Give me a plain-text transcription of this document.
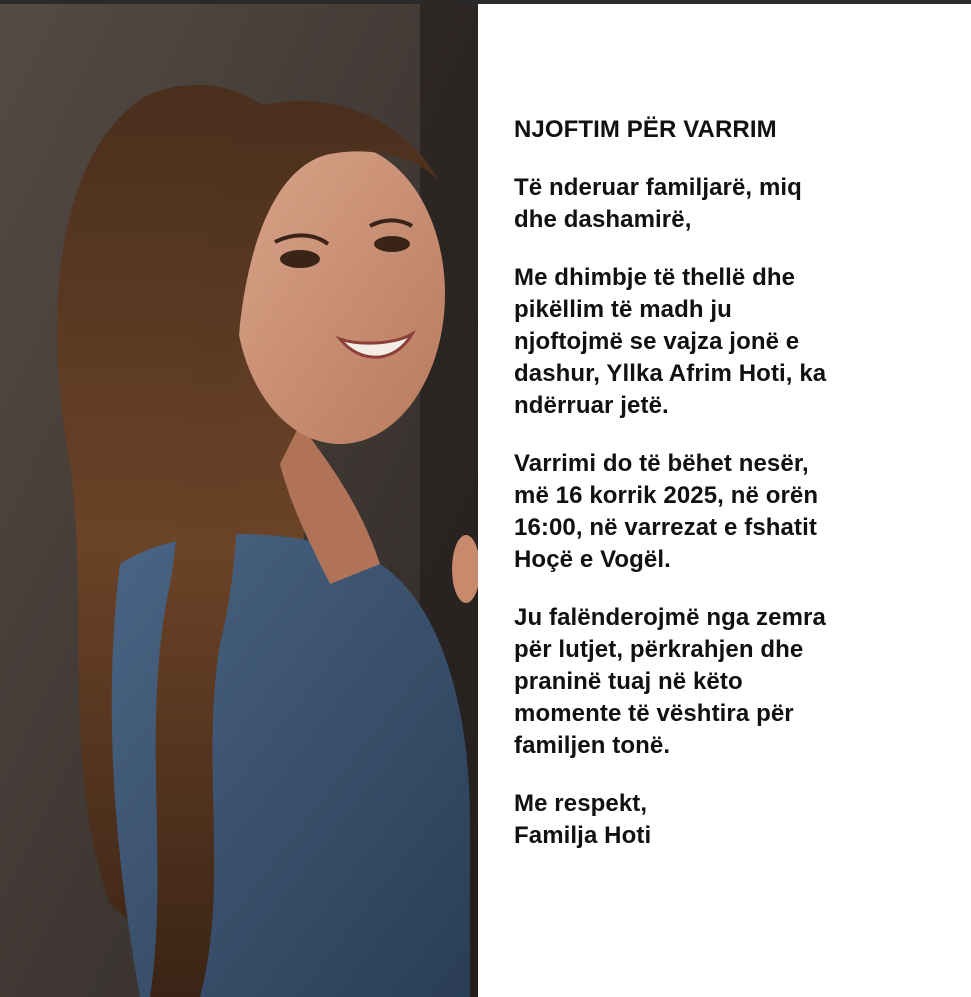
NJOFTIM PËR VARRIM

Të nderuar familjarë, miq
dhe dashamirë,

Me dhimbje të thellë dhe
pikëllim të madh ju
njoftojmë se vajza jonë e
dashur, Yllka Afrim Hoti, ka
ndërruar jetë.

Varrimi do të bëhet nesër,
më 16 korrik 2025, në orën
16:00, në varrezat e fshatit
Hoçë e Vogël.

Ju falënderojmë nga zemra
për lutjet, përkrahjen dhe
praninë tuaj në këto
momente të vështira për
familjen tonë.

Me respekt,
Familja Hoti
